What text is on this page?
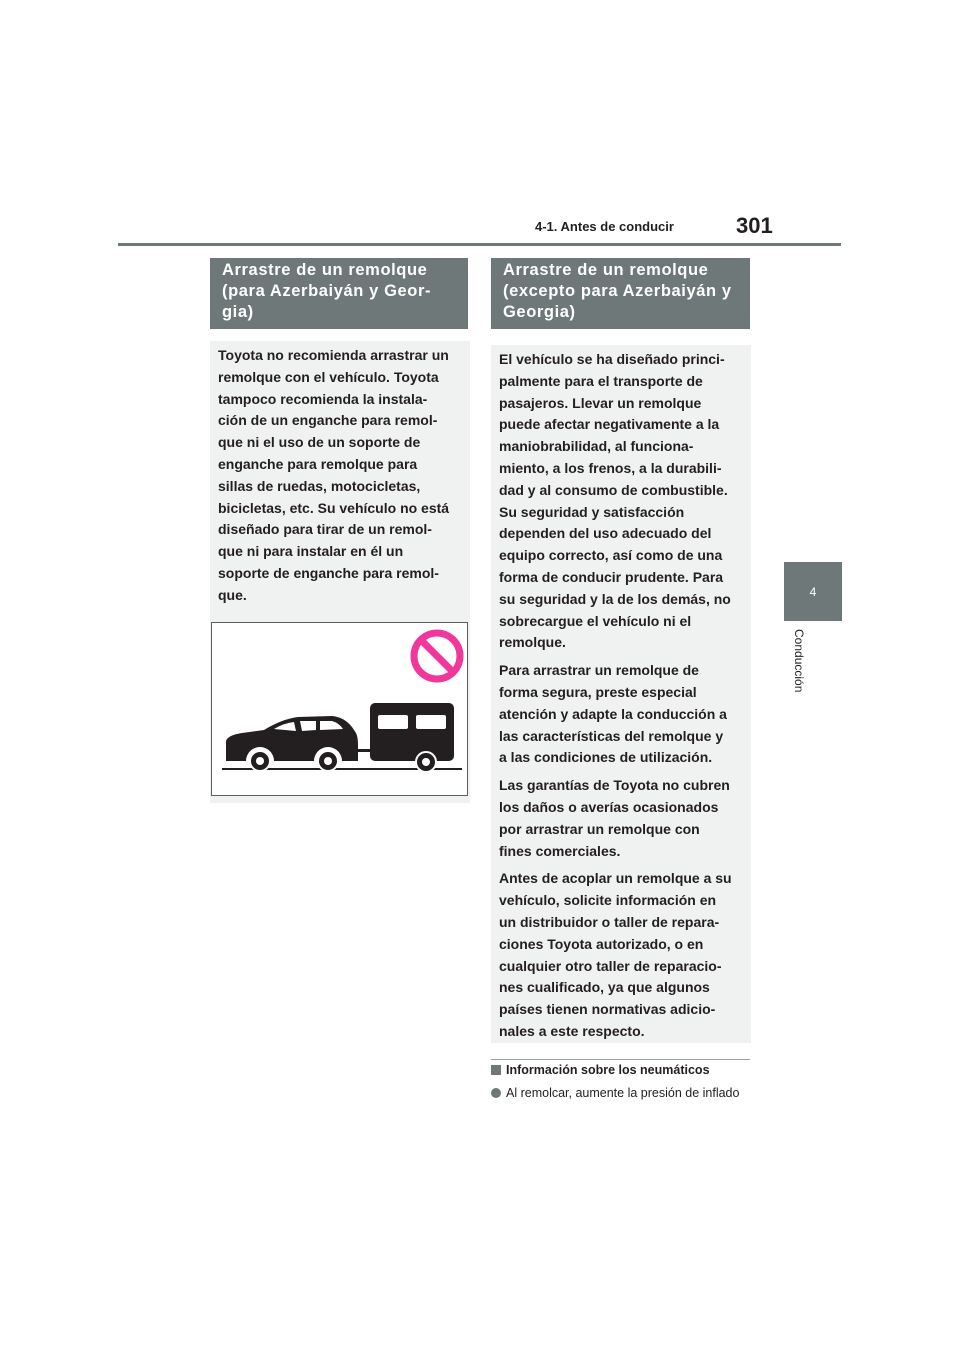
4-1. Antes de conducir	301
4
Conducción
Arrastre de un remolque
(para Azerbaiyán y Geor-
gia)
Toyota no recomienda arrastrar un
remolque con el vehículo. Toyota
tampoco recomienda la instala-
ción de un enganche para remol-
que ni el uso de un soporte de
enganche para remolque para
sillas de ruedas, motocicletas,
bicicletas, etc. Su vehículo no está
diseñado para tirar de un remol-
que ni para instalar en él un
soporte de enganche para remol-
que.
Arrastre de un remolque
(excepto para Azerbaiyán y
Georgia)
El vehículo se ha diseñado princi-
palmente para el transporte de
pasajeros. Llevar un remolque
puede afectar negativamente a la
maniobrabilidad, al funciona-
miento, a los frenos, a la durabili-
dad y al consumo de combustible.
Su seguridad y satisfacción
dependen del uso adecuado del
equipo correcto, así como de una
forma de conducir prudente. Para
su seguridad y la de los demás, no
sobrecargue el vehículo ni el
remolque.
Para arrastrar un remolque de
forma segura, preste especial
atención y adapte la conducción a
las características del remolque y
a las condiciones de utilización.
Las garantías de Toyota no cubren
los daños o averías ocasionados
por arrastrar un remolque con
fines comerciales.
Antes de acoplar un remolque a su
vehículo, solicite información en
un distribuidor o taller de repara-
ciones Toyota autorizado, o en
cualquier otro taller de reparacio-
nes cualificado, ya que algunos
países tienen normativas adicio-
nales a este respecto.
Información sobre los neumáticos
Al remolcar, aumente la presión de inflado
